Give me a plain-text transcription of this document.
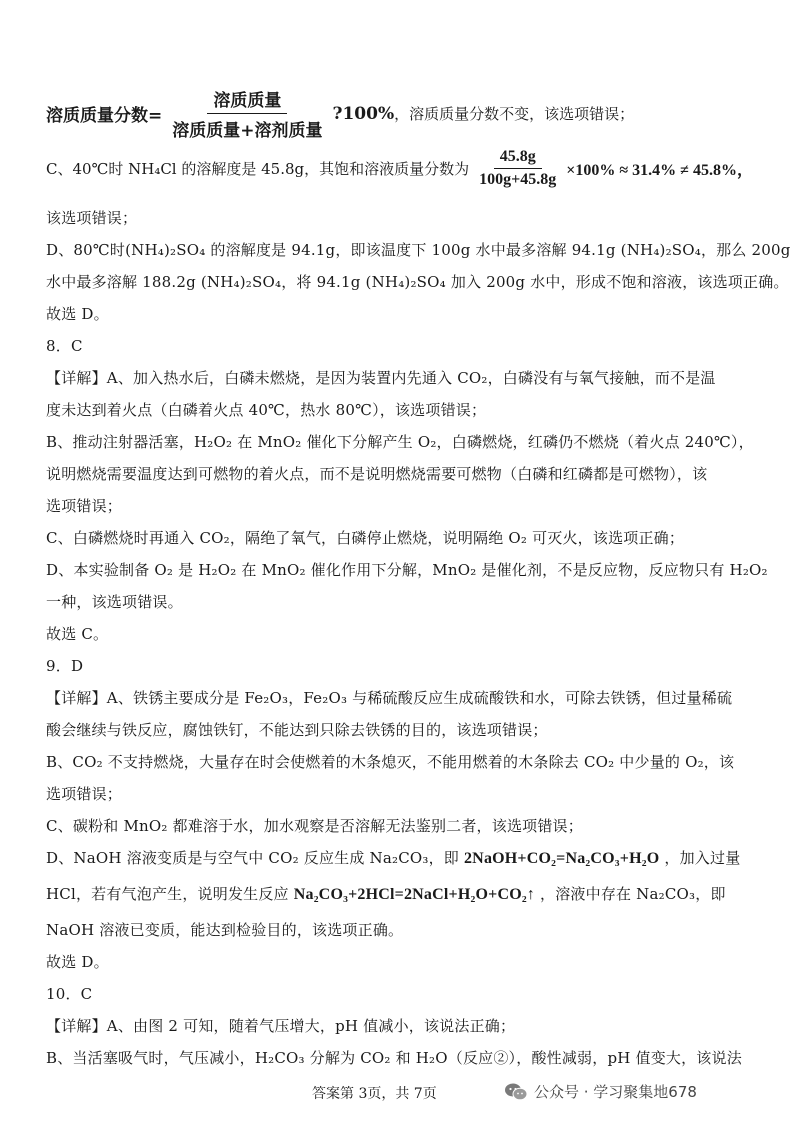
溶质质量分数= $\frac{\text{溶质质量}}{\text{溶质质量+溶剂质量}}$ ?100% ，溶质质量分数不变，该选项错误；
C、40℃时 NH₄Cl 的溶解度是 45.8g，其饱和溶液质量分数为 $\frac{45.8g}{100g+45.8g} \times 100\% \approx 31.4\% \ne 45.8\%$，
该选项错误；
D、80℃时(NH₄)₂SO₄ 的溶解度是 94.1g，即该温度下 100g 水中最多溶解 94.1g (NH₄)₂SO₄，那么 200g
水中最多溶解 188.2g (NH₄)₂SO₄，将 94.1g (NH₄)₂SO₄ 加入 200g 水中，形成不饱和溶液，该选项正确。
故选 D。
8．C
【详解】A、加入热水后，白磷未燃烧，是因为装置内先通入 CO₂，白磷没有与氧气接触，而不是温
度未达到着火点（白磷着火点 40℃，热水 80℃），该选项错误；
B、推动注射器活塞，H₂O₂ 在 MnO₂ 催化下分解产生 O₂，白磷燃烧，红磷仍不燃烧（着火点 240℃），
说明燃烧需要温度达到可燃物的着火点，而不是说明燃烧需要可燃物（白磷和红磷都是可燃物），该
选项错误；
C、白磷燃烧时再通入 CO₂，隔绝了氧气，白磷停止燃烧，说明隔绝 O₂ 可灭火，该选项正确；
D、本实验制备 O₂ 是 H₂O₂ 在 MnO₂ 催化作用下分解，MnO₂ 是催化剂，不是反应物，反应物只有 H₂O₂
一种，该选项错误。
故选 C。
9．D
【详解】A、铁锈主要成分是 Fe₂O₃，Fe₂O₃ 与稀硫酸反应生成硫酸铁和水，可除去铁锈，但过量稀硫
酸会继续与铁反应，腐蚀铁钉，不能达到只除去铁锈的目的，该选项错误；
B、CO₂ 不支持燃烧，大量存在时会使燃着的木条熄灭，不能用燃着的木条除去 CO₂ 中少量的 O₂，该
选项错误；
C、碳粉和 MnO₂ 都难溶于水，加水观察是否溶解无法鉴别二者，该选项错误；
D、NaOH 溶液变质是与空气中 CO₂ 反应生成 Na₂CO₃，即 2NaOH+CO₂=Na₂CO₃+H₂O ，加入过量
HCl，若有气泡产生，说明发生反应 Na₂CO₃+2HCl=2NaCl+H₂O+CO₂↑ ，溶液中存在 Na₂CO₃，即
NaOH 溶液已变质，能达到检验目的，该选项正确。
故选 D。
10．C
【详解】A、由图 2 可知，随着气压增大，pH 值减小，该说法正确；
B、当活塞吸气时，气压减小，H₂CO₃ 分解为 CO₂ 和 H₂O（反应②），酸性减弱，pH 值变大，该说法
答案第 3页，共 7页	公众号 · 学习聚集地678
